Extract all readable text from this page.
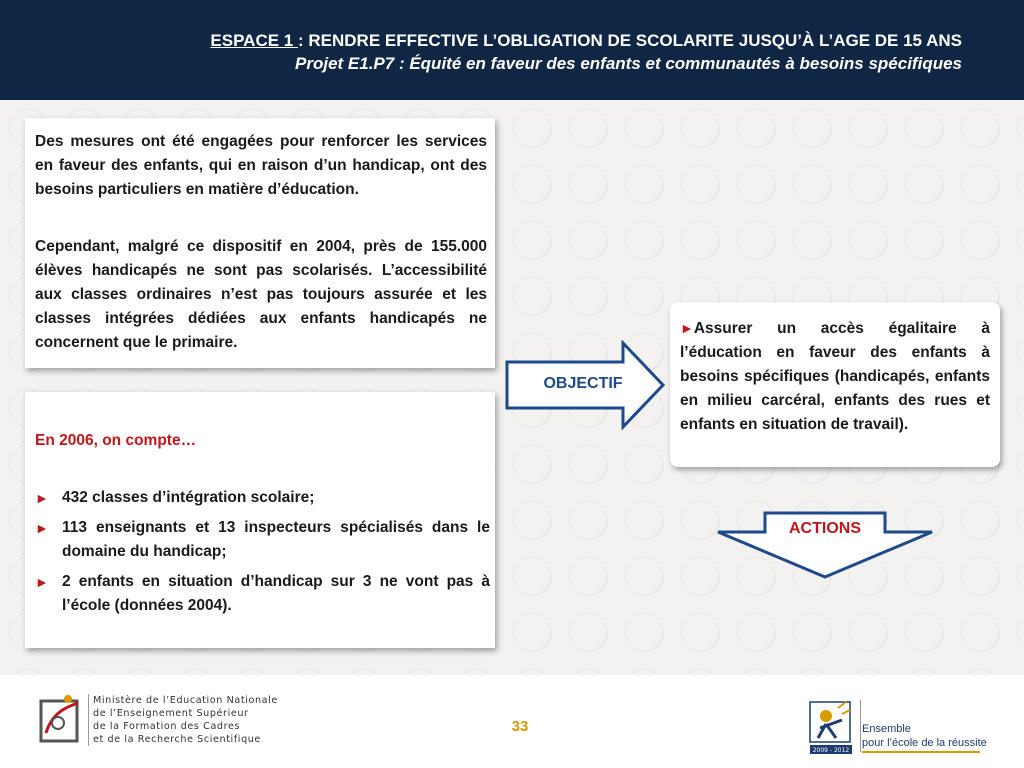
ESPACE 1 : RENDRE EFFECTIVE L’OBLIGATION DE SCOLARITE JUSQU’À L’AGE DE 15 ANS
Projet E1.P7 : Équité en faveur des enfants et communautés à besoins spécifiques

Des mesures ont été engagées pour renforcer les services en faveur des enfants, qui en raison d’un handicap, ont des besoins particuliers en matière d’éducation.

Cependant, malgré ce dispositif en 2004, près de 155.000 élèves handicapés ne sont pas scolarisés. L’accessibilité aux classes ordinaires n’est pas toujours assurée et les classes intégrées dédiées aux enfants handicapés ne concernent que le primaire.

En 2006, on compte…
► 432 classes d’intégration scolaire;
► 113 enseignants et 13 inspecteurs spécialisés dans le domaine du handicap;
► 2 enfants en situation d’handicap sur 3 ne vont pas à l’école (données 2004).
OBJECTIF
►Assurer un accès égalitaire à l’éducation en faveur des enfants à besoins spécifiques (handicapés, enfants en milieu carcéral, enfants des rues et enfants en situation de travail).
ACTIONS
Ministère de l’Education Nationale
de l’Enseignement Supérieur
de la Formation des Cadres
et de la Recherche Scientifique
33
2009 - 2012
Ensemble
pour l’école de la réussite
